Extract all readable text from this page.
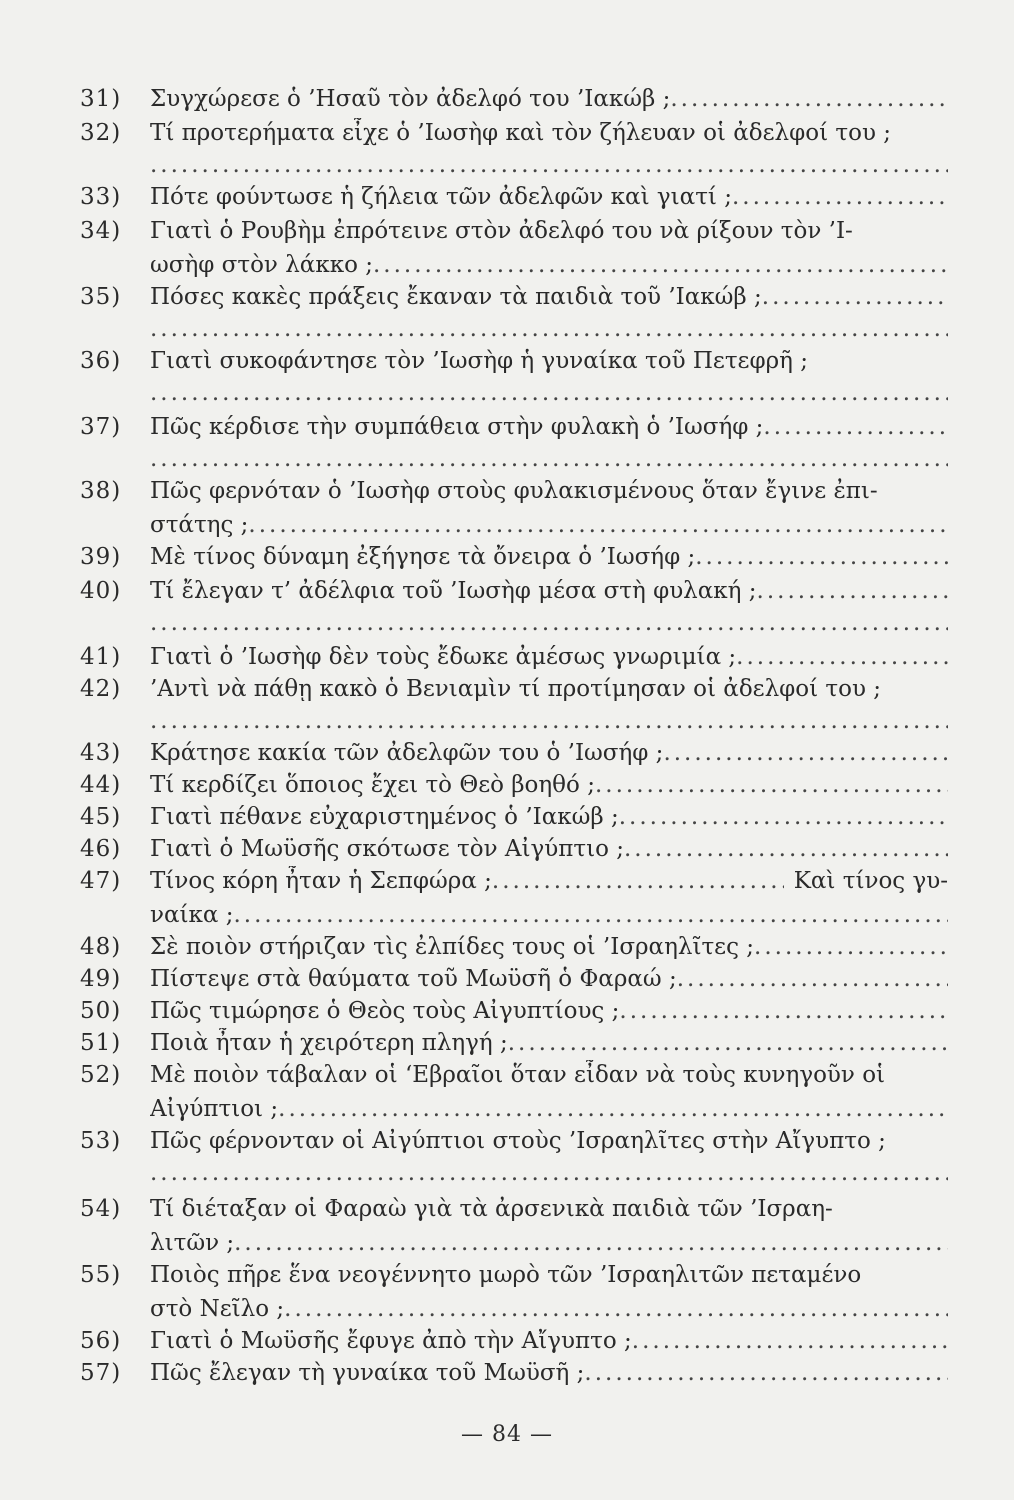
31)	Συγχώρεσε ὁ ’Ησαῦ τὸν ἀδελφό του ’Ιακώβ ;
.....
32)	Τί προτερήματα εἶχε ὁ ’Ιωσὴφ καὶ τὸν ζήλευαν οἱ ἀδελφοί του ;
.....
33)	Πότε φούντωσε ἡ ζήλεια τῶν ἀδελφῶν καὶ γιατί ;
.....
34)	Γιατὶ ὁ Ρουβὴμ ἐπρότεινε στὸν ἀδελφό του νὰ ρίξουν τὸν ’Ι-
ωσὴφ στὸν λάκκο ;
.....
35)	Πόσες κακὲς πράξεις ἔκαναν τὰ παιδιὰ τοῦ ’Ιακώβ ;
.....
.....
36)	Γιατὶ συκοφάντησε τὸν ’Ιωσὴφ ἡ γυναίκα τοῦ Πετεφρῆ ;
.....
37)	Πῶς κέρδισε τὴν συμπάθεια στὴν φυλακὴ ὁ ’Ιωσήφ ;
.....
.....
38)	Πῶς φερνόταν ὁ ’Ιωσὴφ στοὺς φυλακισμένους ὅταν ἔγινε ἐπι-
στάτης ;
.....
39)	Μὲ τίνος δύναμη ἐξήγησε τὰ ὄνειρα ὁ ’Ιωσήφ ;
.....
40)	Τί ἔλεγαν τ’ ἀδέλφια τοῦ ’Ιωσὴφ μέσα στὴ φυλακή ;
.....
.....
41)	Γιατὶ ὁ ’Ιωσὴφ δὲν τοὺς ἔδωκε ἀμέσως γνωριμία ;
.....
42)	’Αντὶ νὰ πάθῃ κακὸ ὁ Βενιαμὶν τί προτίμησαν οἱ ἀδελφοί του ;
.....
43)	Κράτησε κακία τῶν ἀδελφῶν του ὁ ’Ιωσήφ ;
.....
44)	Τί κερδίζει ὅποιος ἔχει τὸ Θεὸ βοηθό ;
.....
45)	Γιατὶ πέθανε εὐχαριστημένος ὁ ’Ιακώβ ;
.....
46)	Γιατὶ ὁ Μωϋσῆς σκότωσε τὸν Αἰγύπτιο ;
.....
47)	Τίνος κόρη ἦταν ἡ Σεπφώρα ;
.....	Καὶ τίνος γυ-
ναίκα ;
.....
48)	Σὲ ποιὸν στήριζαν τὶς ἐλπίδες τους οἱ ’Ισραηλῖτες ;
.....
49)	Πίστεψε στὰ θαύματα τοῦ Μωϋσῆ ὁ Φαραώ ;
.....
50)	Πῶς τιμώρησε ὁ Θεὸς τοὺς Αἰγυπτίους ;
.....
51)	Ποιὰ ἦταν ἡ χειρότερη πληγή ;
.....
52)	Μὲ ποιὸν τάβαλαν οἱ ‘Εβραῖοι ὅταν εἶδαν νὰ τοὺς κυνηγοῦν οἱ
Αἰγύπτιοι ;
.....
53)	Πῶς φέρνονταν οἱ Αἰγύπτιοι στοὺς ’Ισραηλῖτες στὴν Αἴγυπτο ;
.....
54)	Τί διέταξαν οἱ Φαραὼ γιὰ τὰ ἀρσενικὰ παιδιὰ τῶν ’Ισραη-
λιτῶν ;
.....
55)	Ποιὸς πῆρε ἕνα νεογέννητο μωρὸ τῶν ’Ισραηλιτῶν πεταμένο
στὸ Νεῖλο ;
.....
56)	Γιατὶ ὁ Μωϋσῆς ἔφυγε ἀπὸ τὴν Αἴγυπτο ;
.....
57)	Πῶς ἔλεγαν τὴ γυναίκα τοῦ Μωϋσῆ ;
.....
— 84 —
